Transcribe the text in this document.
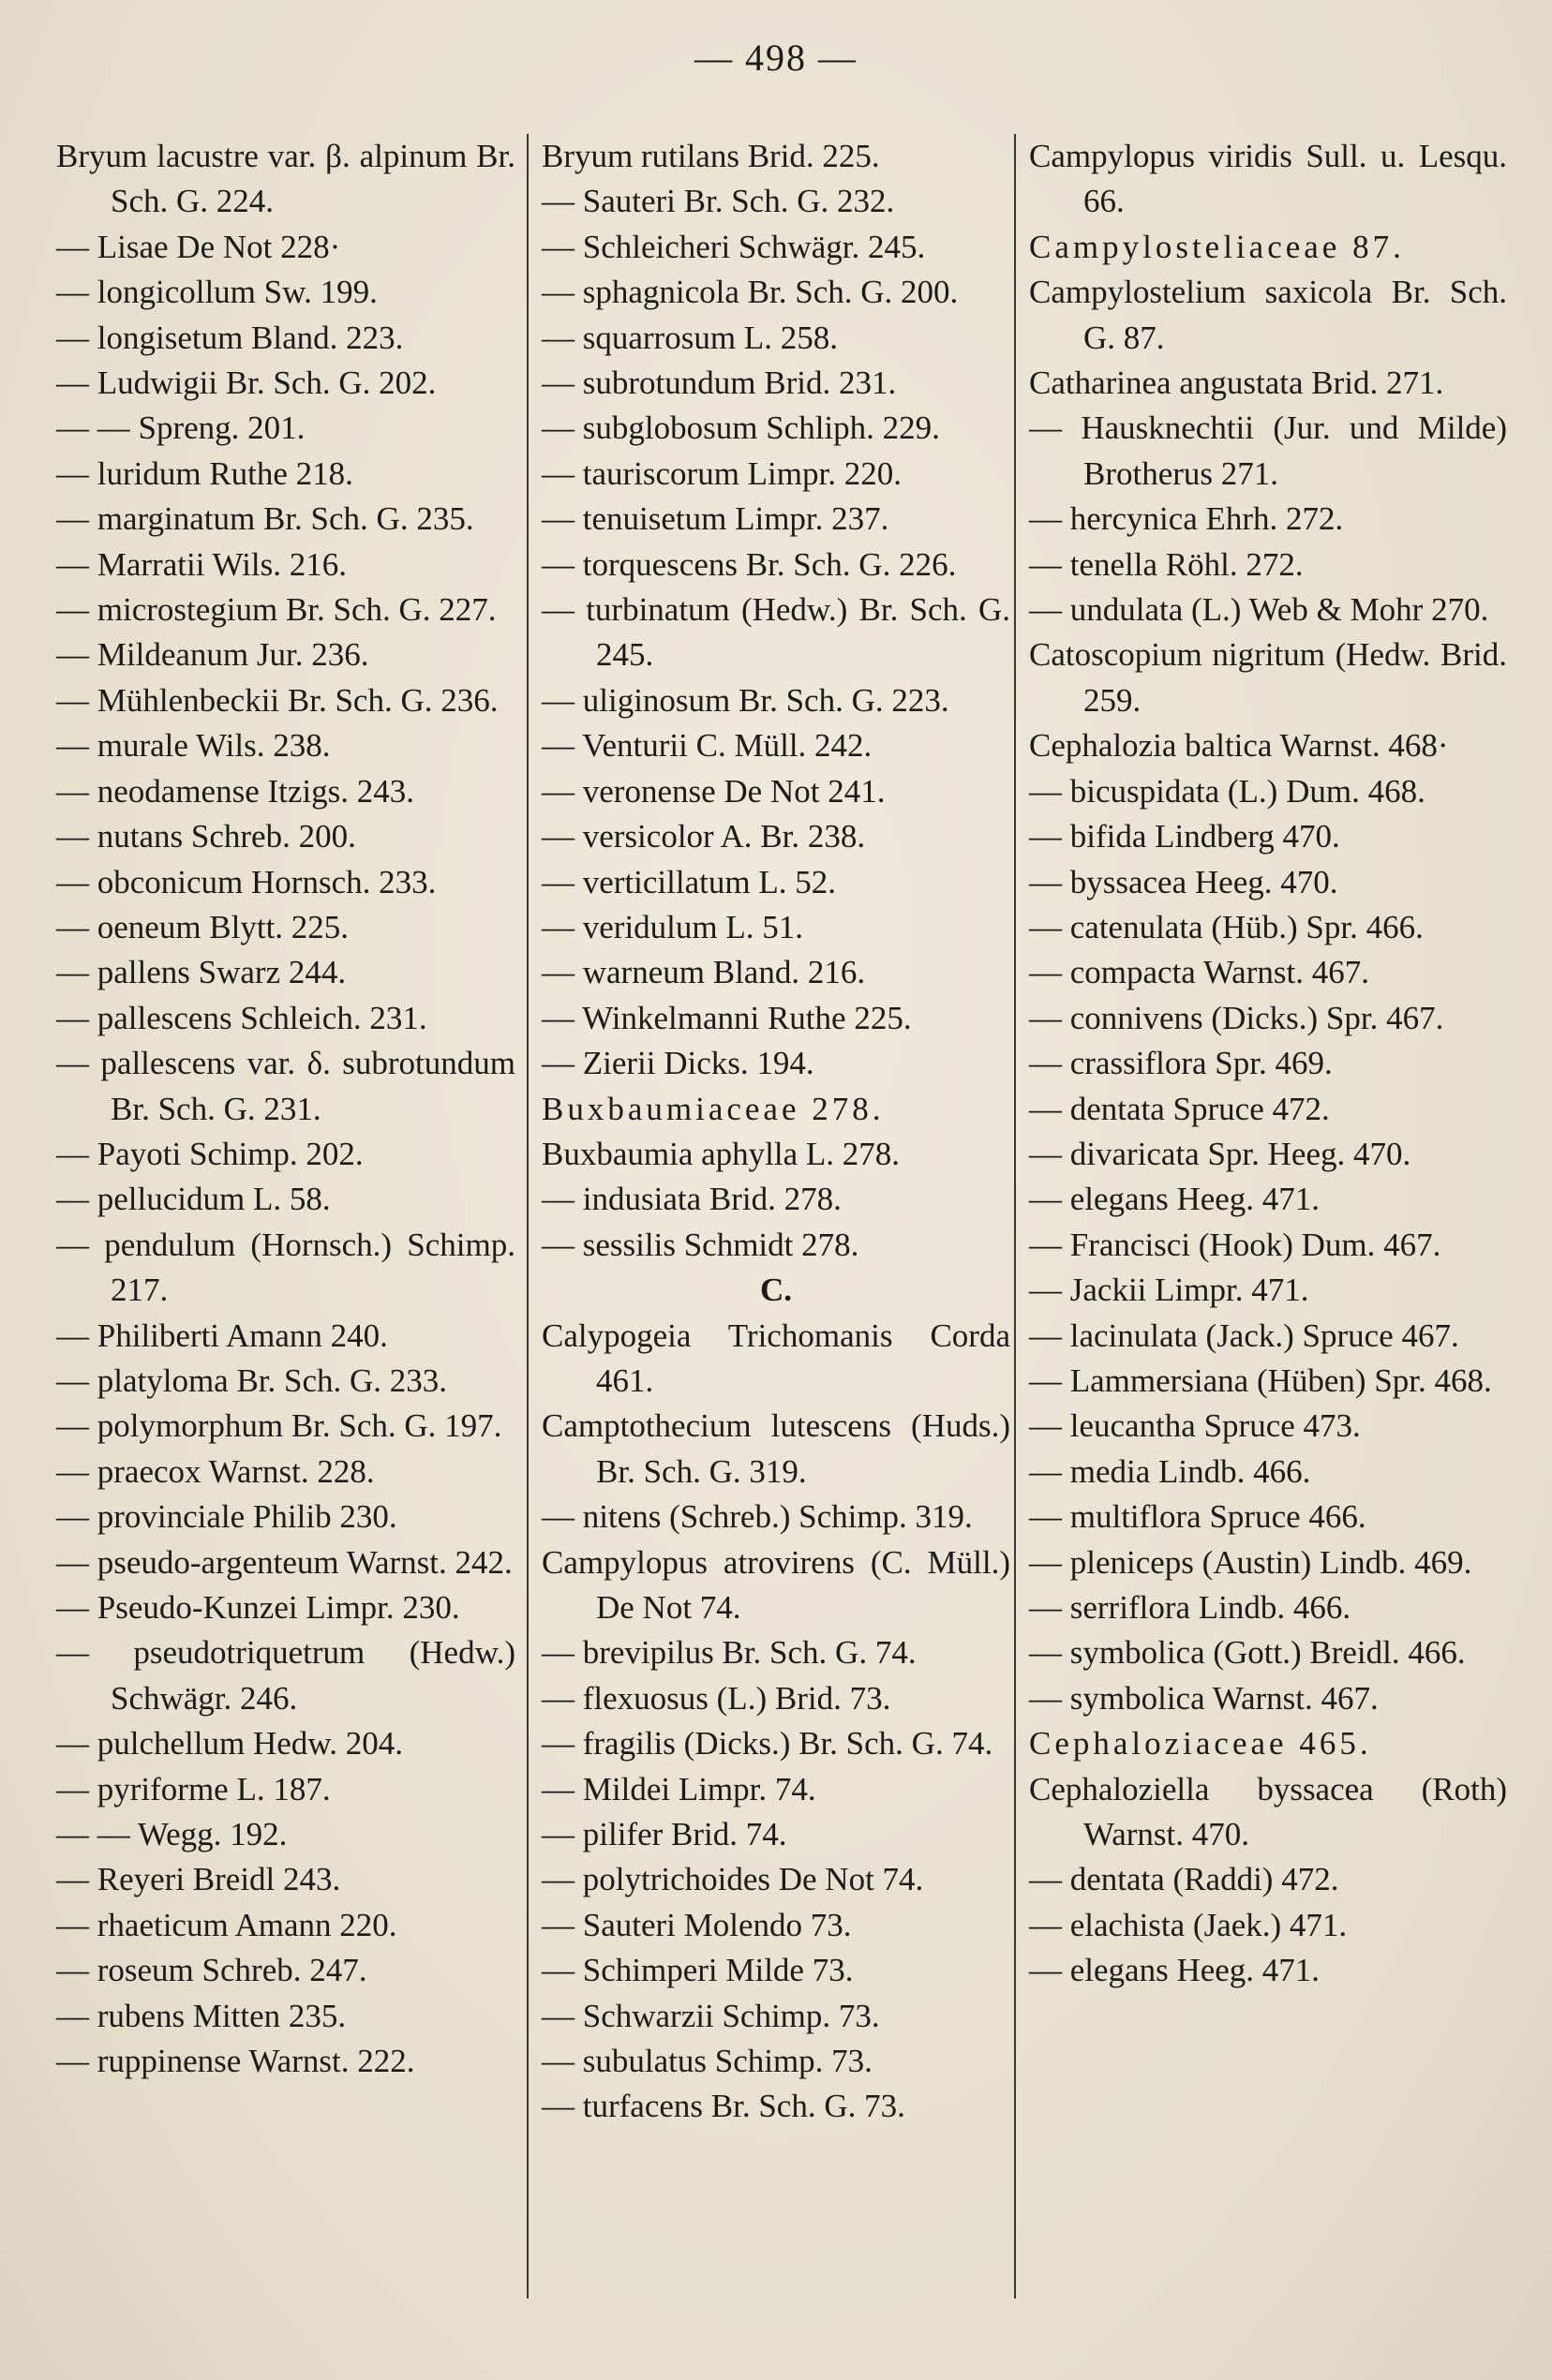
— 498 —
Bryum lacustre var. β. alpinum Br. Sch. G. 224.
— Lisae De Not 228·
— longicollum Sw. 199.
— longisetum Bland. 223.
— Ludwigii Br. Sch. G. 202.
— — Spreng. 201.
— luridum Ruthe 218.
— marginatum Br. Sch. G. 235.
— Marratii Wils. 216.
— microstegium Br. Sch. G. 227.
— Mildeanum Jur. 236.
— Mühlenbeckii Br. Sch. G. 236.
— murale Wils. 238.
— neodamense Itzigs. 243.
— nutans Schreb. 200.
— obconicum Hornsch. 233.
— oeneum Blytt. 225.
— pallens Swarz 244.
— pallescens Schleich. 231.
— pallescens var. δ. subrotundum Br. Sch. G. 231.
— Payoti Schimp. 202.
— pellucidum L. 58.
— pendulum (Hornsch.) Schimp. 217.
— Philiberti Amann 240.
— platyloma Br. Sch. G. 233.
— polymorphum Br. Sch. G. 197.
— praecox Warnst. 228.
— provinciale Philib 230.
— pseudo-argenteum Warnst. 242.
— Pseudo-Kunzei Limpr. 230.
— pseudotriquetrum (Hedw.) Schwägr. 246.
— pulchellum Hedw. 204.
— pyriforme L. 187.
— — Wegg. 192.
— Reyeri Breidl 243.
— rhaeticum Amann 220.
— roseum Schreb. 247.
— rubens Mitten 235.
— ruppinense Warnst. 222.
Bryum rutilans Brid. 225.
— Sauteri Br. Sch. G. 232.
— Schleicheri Schwägr. 245.
— sphagnicola Br. Sch. G. 200.
— squarrosum L. 258.
— subrotundum Brid. 231.
— subglobosum Schliph. 229.
— tauriscorum Limpr. 220.
— tenuisetum Limpr. 237.
— torquescens Br. Sch. G. 226.
— turbinatum (Hedw.) Br. Sch. G. 245.
— uliginosum Br. Sch. G. 223.
— Venturii C. Müll. 242.
— veronense De Not 241.
— versicolor A. Br. 238.
— verticillatum L. 52.
— veridulum L. 51.
— warneum Bland. 216.
— Winkelmanni Ruthe 225.
— Zierii Dicks. 194.
Buxbaumiaceae 278.
Buxbaumia aphylla L. 278.
— indusiata Brid. 278.
— sessilis Schmidt 278.
C.
Calypogeia Trichomanis Corda 461.
Camptothecium lutescens (Huds.) Br. Sch. G. 319.
— nitens (Schreb.) Schimp. 319.
Campylopus atrovirens (C. Müll.) De Not 74.
— brevipilus Br. Sch. G. 74.
— flexuosus (L.) Brid. 73.
— fragilis (Dicks.) Br. Sch. G. 74.
— Mildei Limpr. 74.
— pilifer Brid. 74.
— polytrichoides De Not 74.
— Sauteri Molendo 73.
— Schimperi Milde 73.
— Schwarzii Schimp. 73.
— subulatus Schimp. 73.
— turfacens Br. Sch. G. 73.
Campylopus viridis Sull. u. Lesqu. 66.
Campylosteliaceae 87.
Campylostelium saxicola Br. Sch. G. 87.
Catharinea angustata Brid. 271.
— Hausknechtii (Jur. und Milde) Brotherus 271.
— hercynica Ehrh. 272.
— tenella Röhl. 272.
— undulata (L.) Web & Mohr 270.
Catoscopium nigritum (Hedw. Brid. 259.
Cephalozia baltica Warnst. 468·
— bicuspidata (L.) Dum. 468.
— bifida Lindberg 470.
— byssacea Heeg. 470.
— catenulata (Hüb.) Spr. 466.
— compacta Warnst. 467.
— connivens (Dicks.) Spr. 467.
— crassiflora Spr. 469.
— dentata Spruce 472.
— divaricata Spr. Heeg. 470.
— elegans Heeg. 471.
— Francisci (Hook) Dum. 467.
— Jackii Limpr. 471.
— lacinulata (Jack.) Spruce 467.
— Lammersiana (Hüben) Spr. 468.
— leucantha Spruce 473.
— media Lindb. 466.
— multiflora Spruce 466.
— pleniceps (Austin) Lindb. 469.
— serriflora Lindb. 466.
— symbolica (Gott.) Breidl. 466.
— symbolica Warnst. 467.
Cephaloziaceae 465.
Cephaloziella byssacea (Roth) Warnst. 470.
— dentata (Raddi) 472.
— elachista (Jaek.) 471.
— elegans Heeg. 471.
